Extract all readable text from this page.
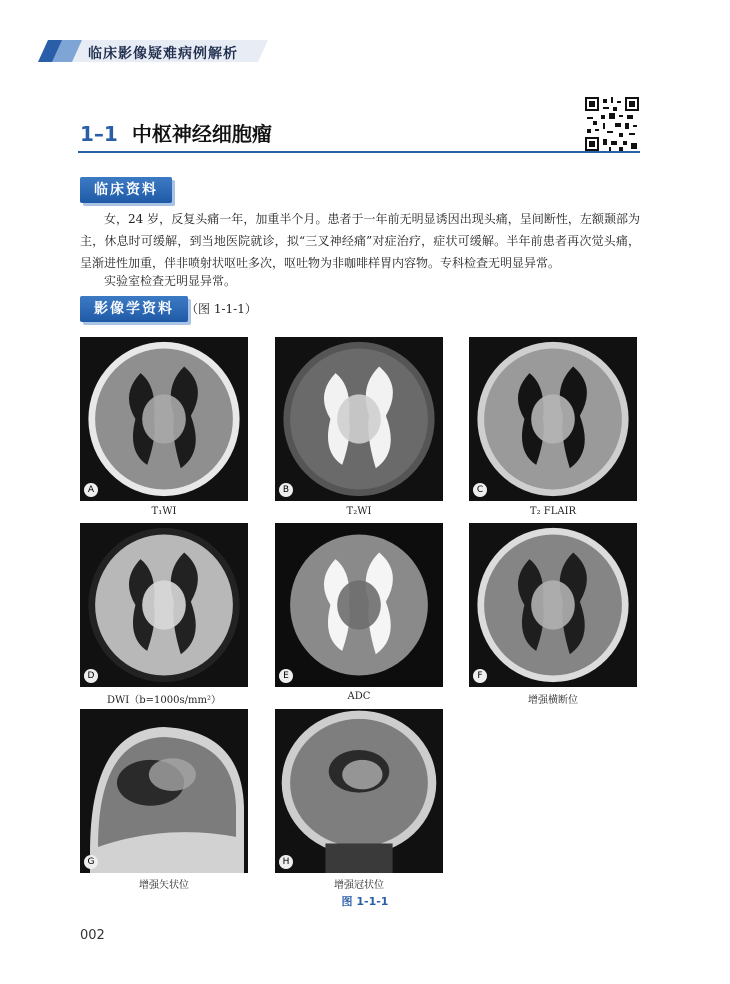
临床影像疑难病例解析
1–1 中枢神经细胞瘤
临床资料
女，24 岁，反复头痛一年，加重半个月。患者于一年前无明显诱因出现头痛，呈间断性，左额颞部为主，休息时可缓解，到当地医院就诊，拟“三叉神经痛”对症治疗，症状可缓解。半年前患者再次觉头痛，呈渐进性加重，伴非喷射状呕吐多次，呕吐物为非咖啡样胃内容物。专科检查无明显异常。
实验室检查无明显异常。
影像学资料	（图 1-1-1）
A
T₁WI
B
T₂WI
C
T₂ FLAIR
D
DWI（b=1000s/mm²）
E
ADC
F
增强横断位
G
增强矢状位
H
增强冠状位
图 1-1-1
002
